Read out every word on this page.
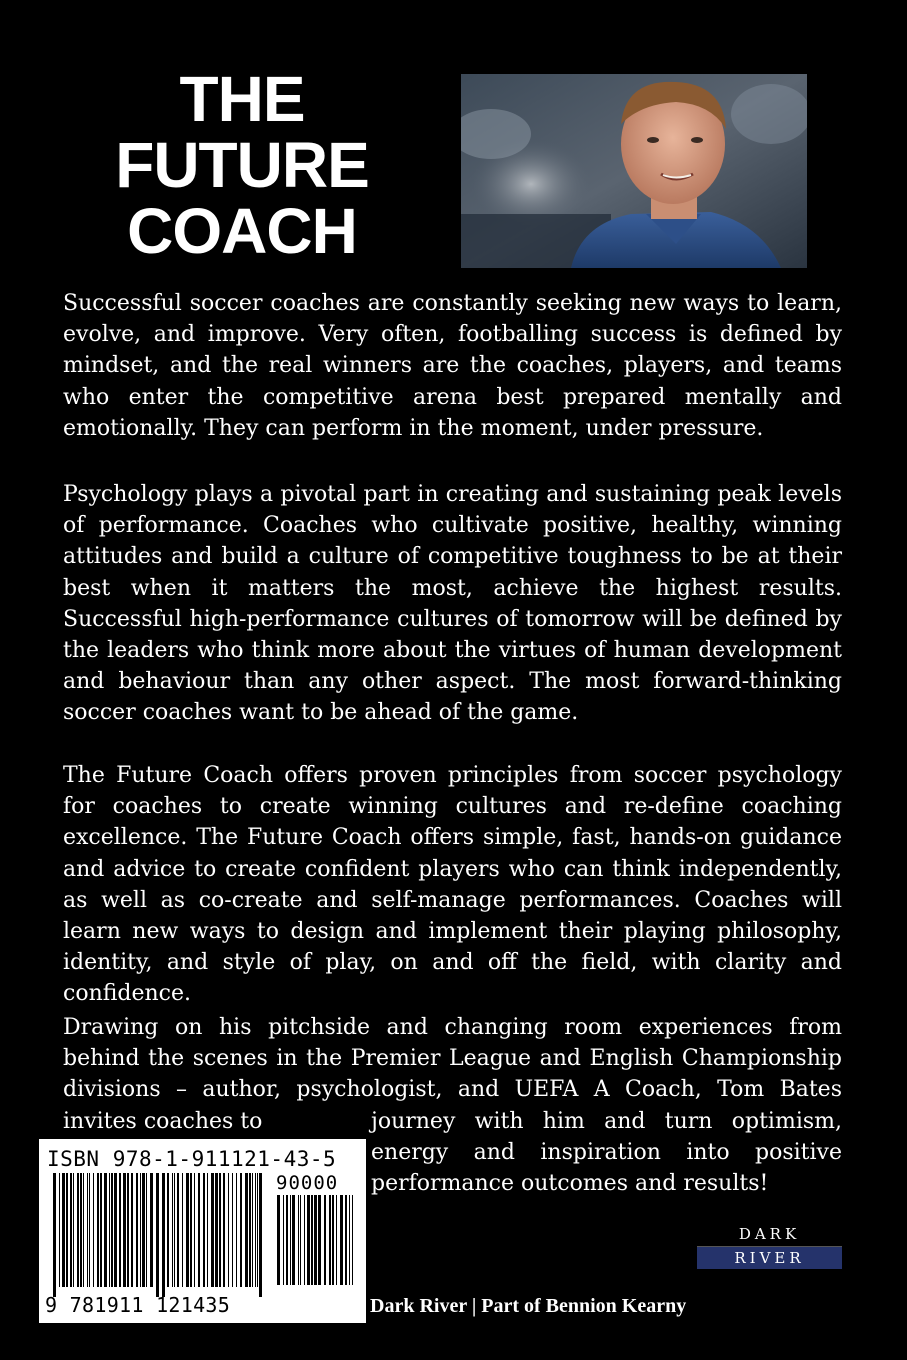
THE
FUTURE
COACH
Successful soccer coaches are constantly seeking new ways to learn, evolve, and improve. Very often, footballing success is defined by mindset, and the real winners are the coaches, players, and teams who enter the competitive arena best prepared mentally and emotionally. They can perform in the moment, under pressure.
Psychology plays a pivotal part in creating and sustaining peak levels of performance. Coaches who cultivate positive, healthy, winning attitudes and build a culture of competitive toughness to be at their best when it matters the most, achieve the highest results. Successful high-performance cultures of tomorrow will be defined by the leaders who think more about the virtues of human development and behaviour than any other aspect. The most forward-thinking soccer coaches want to be ahead of the game.
The Future Coach offers proven principles from soccer psychology for coaches to create winning cultures and re-define coaching excellence. The Future Coach offers simple, fast, hands-on guidance and advice to create confident players who can think independently, as well as co-create and self-manage performances. Coaches will learn new ways to design and implement their playing philosophy, identity, and style of play, on and off the field, with clarity and confidence.
Drawing on his pitchside and changing room experiences from behind the scenes in the Premier League and English Championship divisions – author, psychologist, and UEFA A Coach, Tom Bates invites coaches to	journey with him and turn optimism, energy and inspiration into positive performance outcomes and results!
ISBN 978-1-911121-43-5
90000
9 781911 121435
DARK
RIVER
Dark River | Part of Bennion Kearny
